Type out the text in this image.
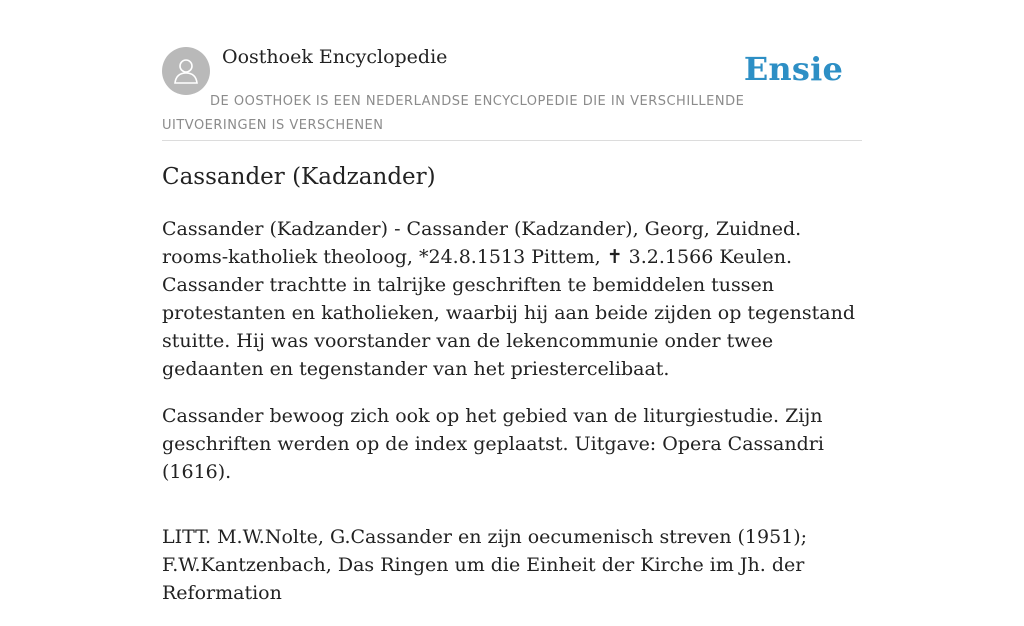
Oosthoek Encyclopedie	Ensie
DE OOSTHOEK IS EEN NEDERLANDSE ENCYCLOPEDIE DIE IN VERSCHILLENDE UITVOERINGEN IS VERSCHENEN
Cassander (Kadzander)

Cassander (Kadzander) - Cassander (Kadzander), Georg, Zuidned. rooms-katholiek theoloog, *24.8.1513 Pittem, ✝ 3.2.1566 Keulen. Cassander trachtte in talrijke geschriften te bemiddelen tussen protestanten en katholieken, waarbij hij aan beide zijden op tegenstand stuitte. Hij was voorstander van de lekencommunie onder twee gedaanten en tegenstander van het priestercelibaat.

Cassander bewoog zich ook op het gebied van de liturgiestudie. Zijn geschriften werden op de index geplaatst. Uitgave: Opera Cassandri (1616).

LITT. M.W.Nolte, G.Cassander en zijn oecumenisch streven (1951); F.W.Kantzenbach, Das Ringen um die Einheit der Kirche im Jh. der Reformation
